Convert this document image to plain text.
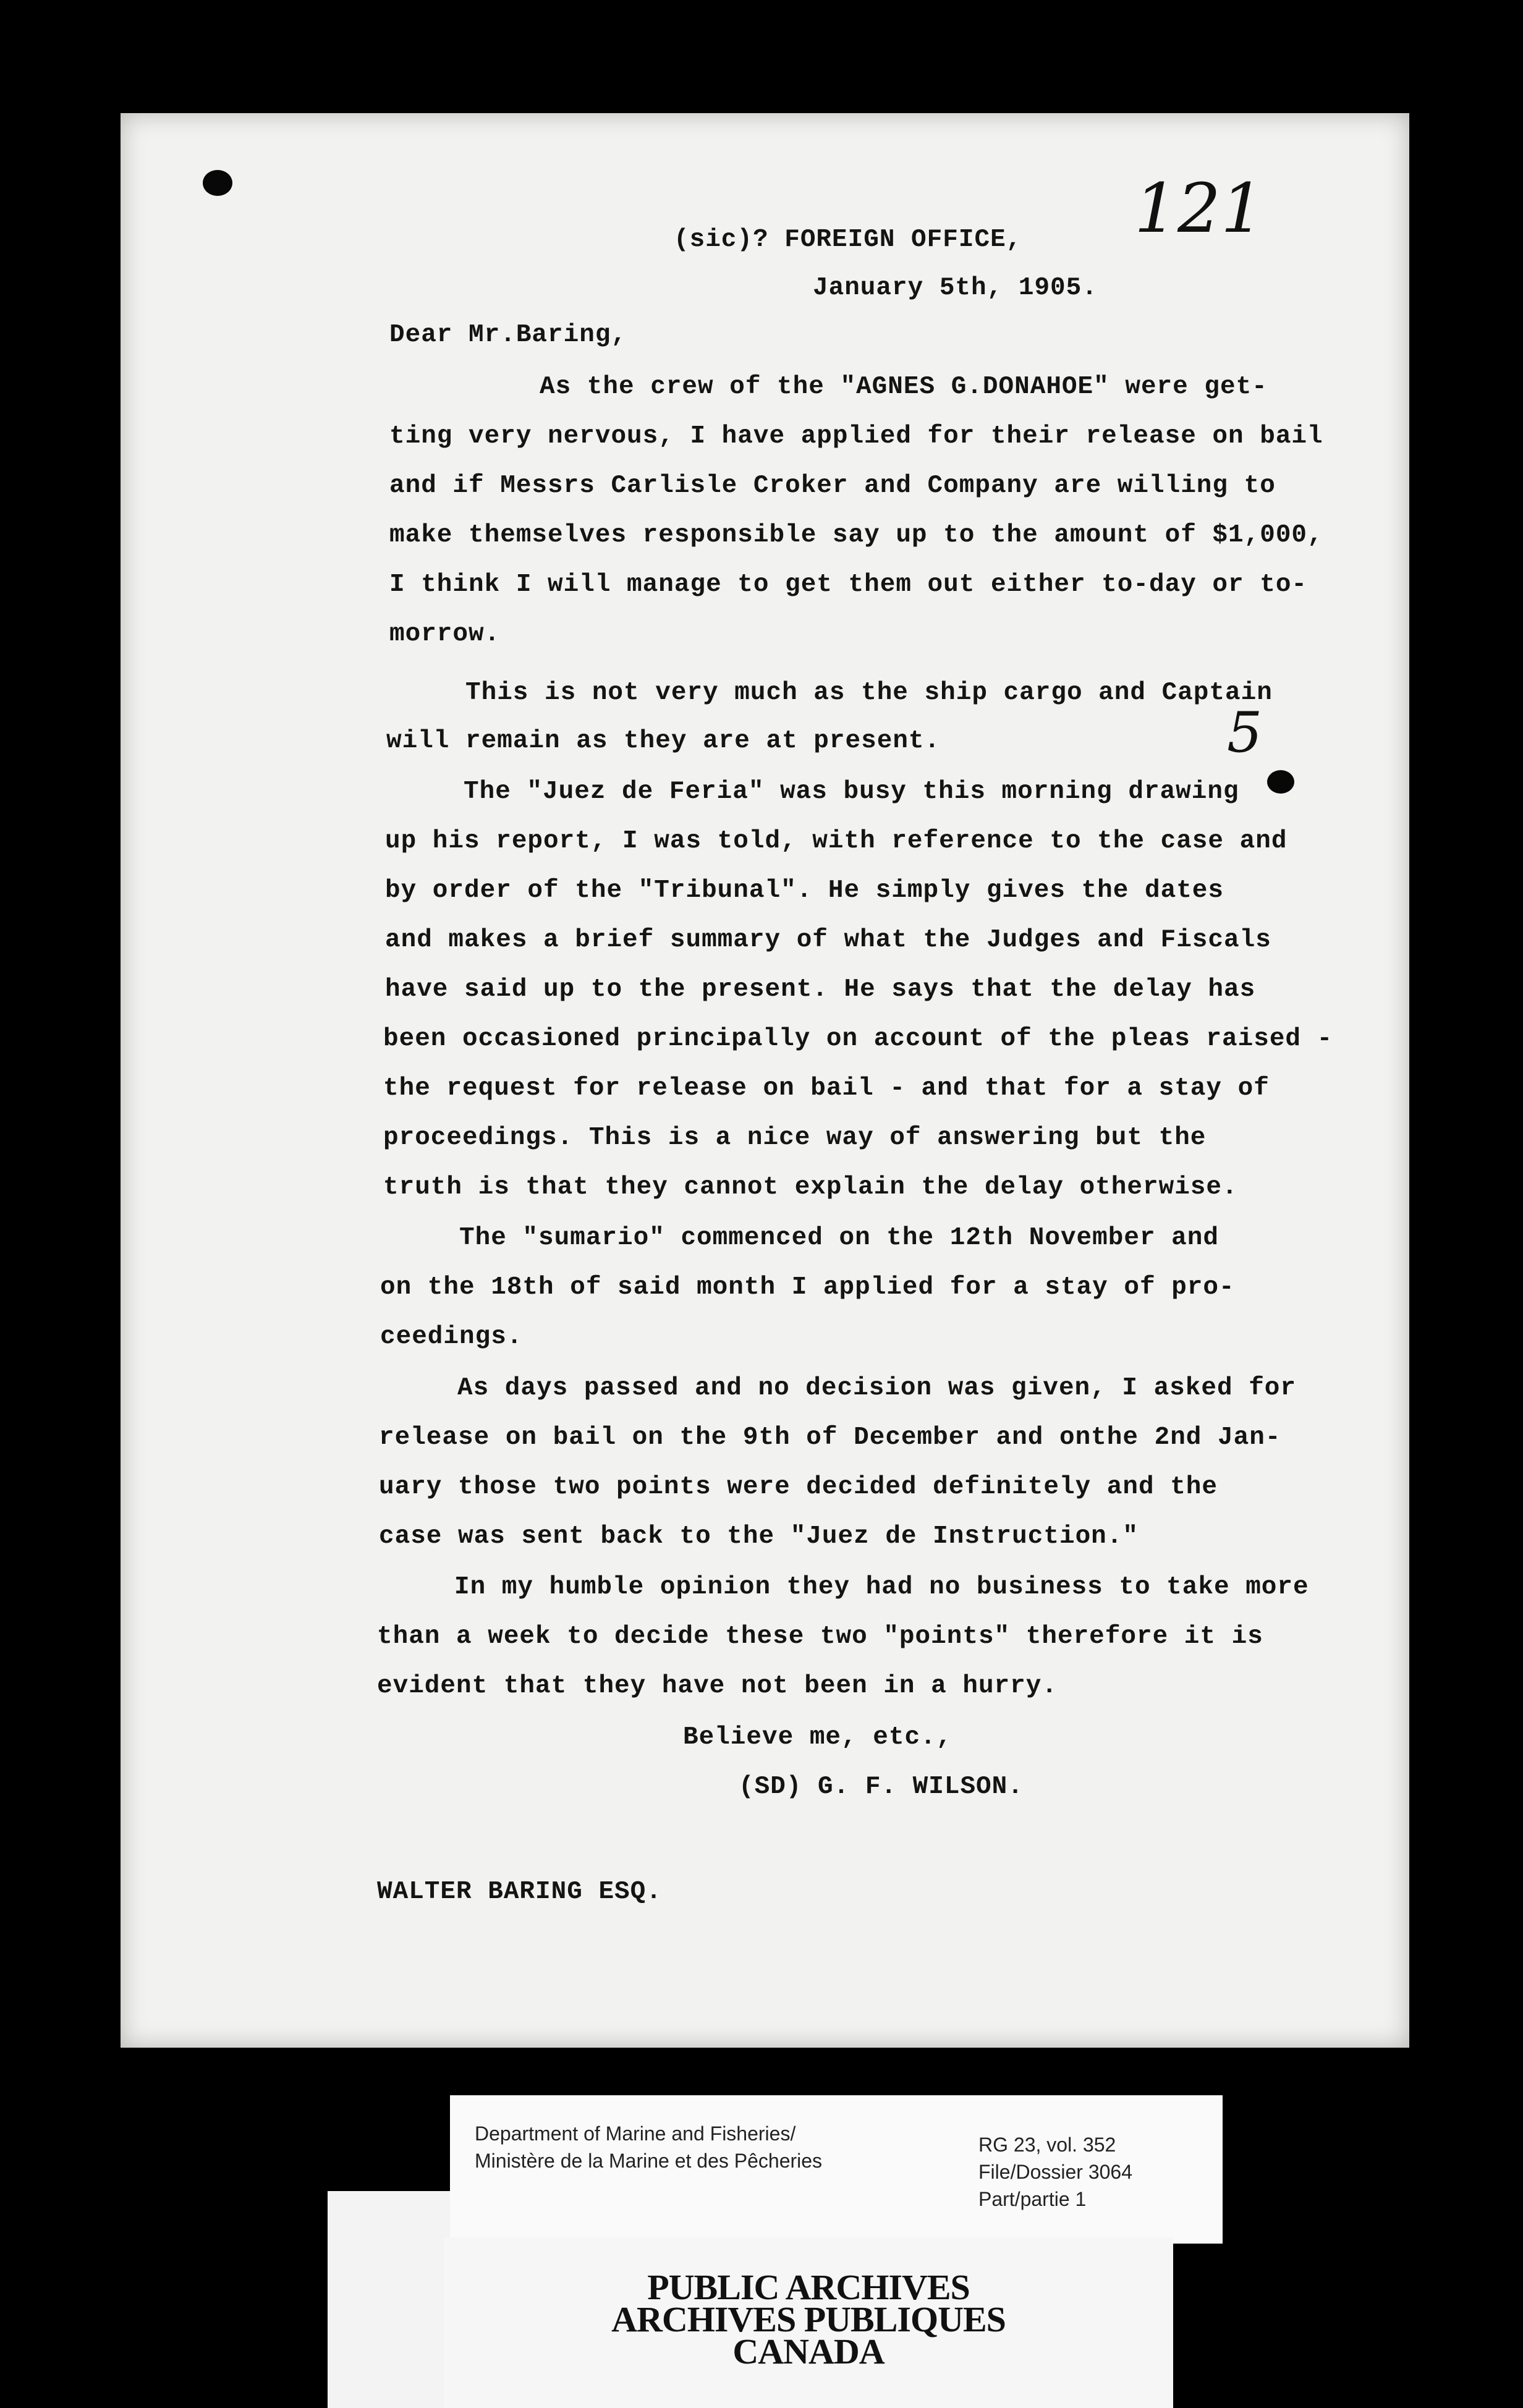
121
5
(sic)? FOREIGN OFFICE,
January 5th, 1905.
Dear Mr.Baring,
As the crew of the "AGNES G.DONAHOE" were get-
ting very nervous, I have applied for their release on bail
and if Messrs Carlisle Croker and Company are willing to
make themselves responsible say up to the amount of $1,000,
I think I will manage to get them out either to-day or to-
morrow.
This is not very much as the ship cargo and Captain
will remain as they are at present.
The "Juez de Feria" was busy this morning drawing
up his report, I was told, with reference to the case and
by order of the "Tribunal". He simply gives the dates
and makes a brief summary of what the Judges and Fiscals
have said up to the present. He says that the delay has
been occasioned principally on account of the pleas raised -
the request for release on bail - and that for a stay of
proceedings. This is a nice way of answering but the
truth is that they cannot explain the delay otherwise.
The "sumario" commenced on the 12th November and
on the 18th of said month I applied for a stay of pro-
ceedings.
As days passed and no decision was given, I asked for
release on bail on the 9th of December and onthe 2nd Jan-
uary those two points were decided definitely and the
case was sent back to the "Juez de Instruction."
In my humble opinion they had no business to take more
than a week to decide these two "points" therefore it is
evident that they have not been in a hurry.
Believe me, etc.,
(SD) G. F. WILSON.
WALTER BARING ESQ.
Department of Marine and Fisheries/
Ministère de la Marine et des Pêcheries
RG 23, vol. 352
File/Dossier 3064
Part/partie 1
PUBLIC ARCHIVES
ARCHIVES PUBLIQUES
CANADA
